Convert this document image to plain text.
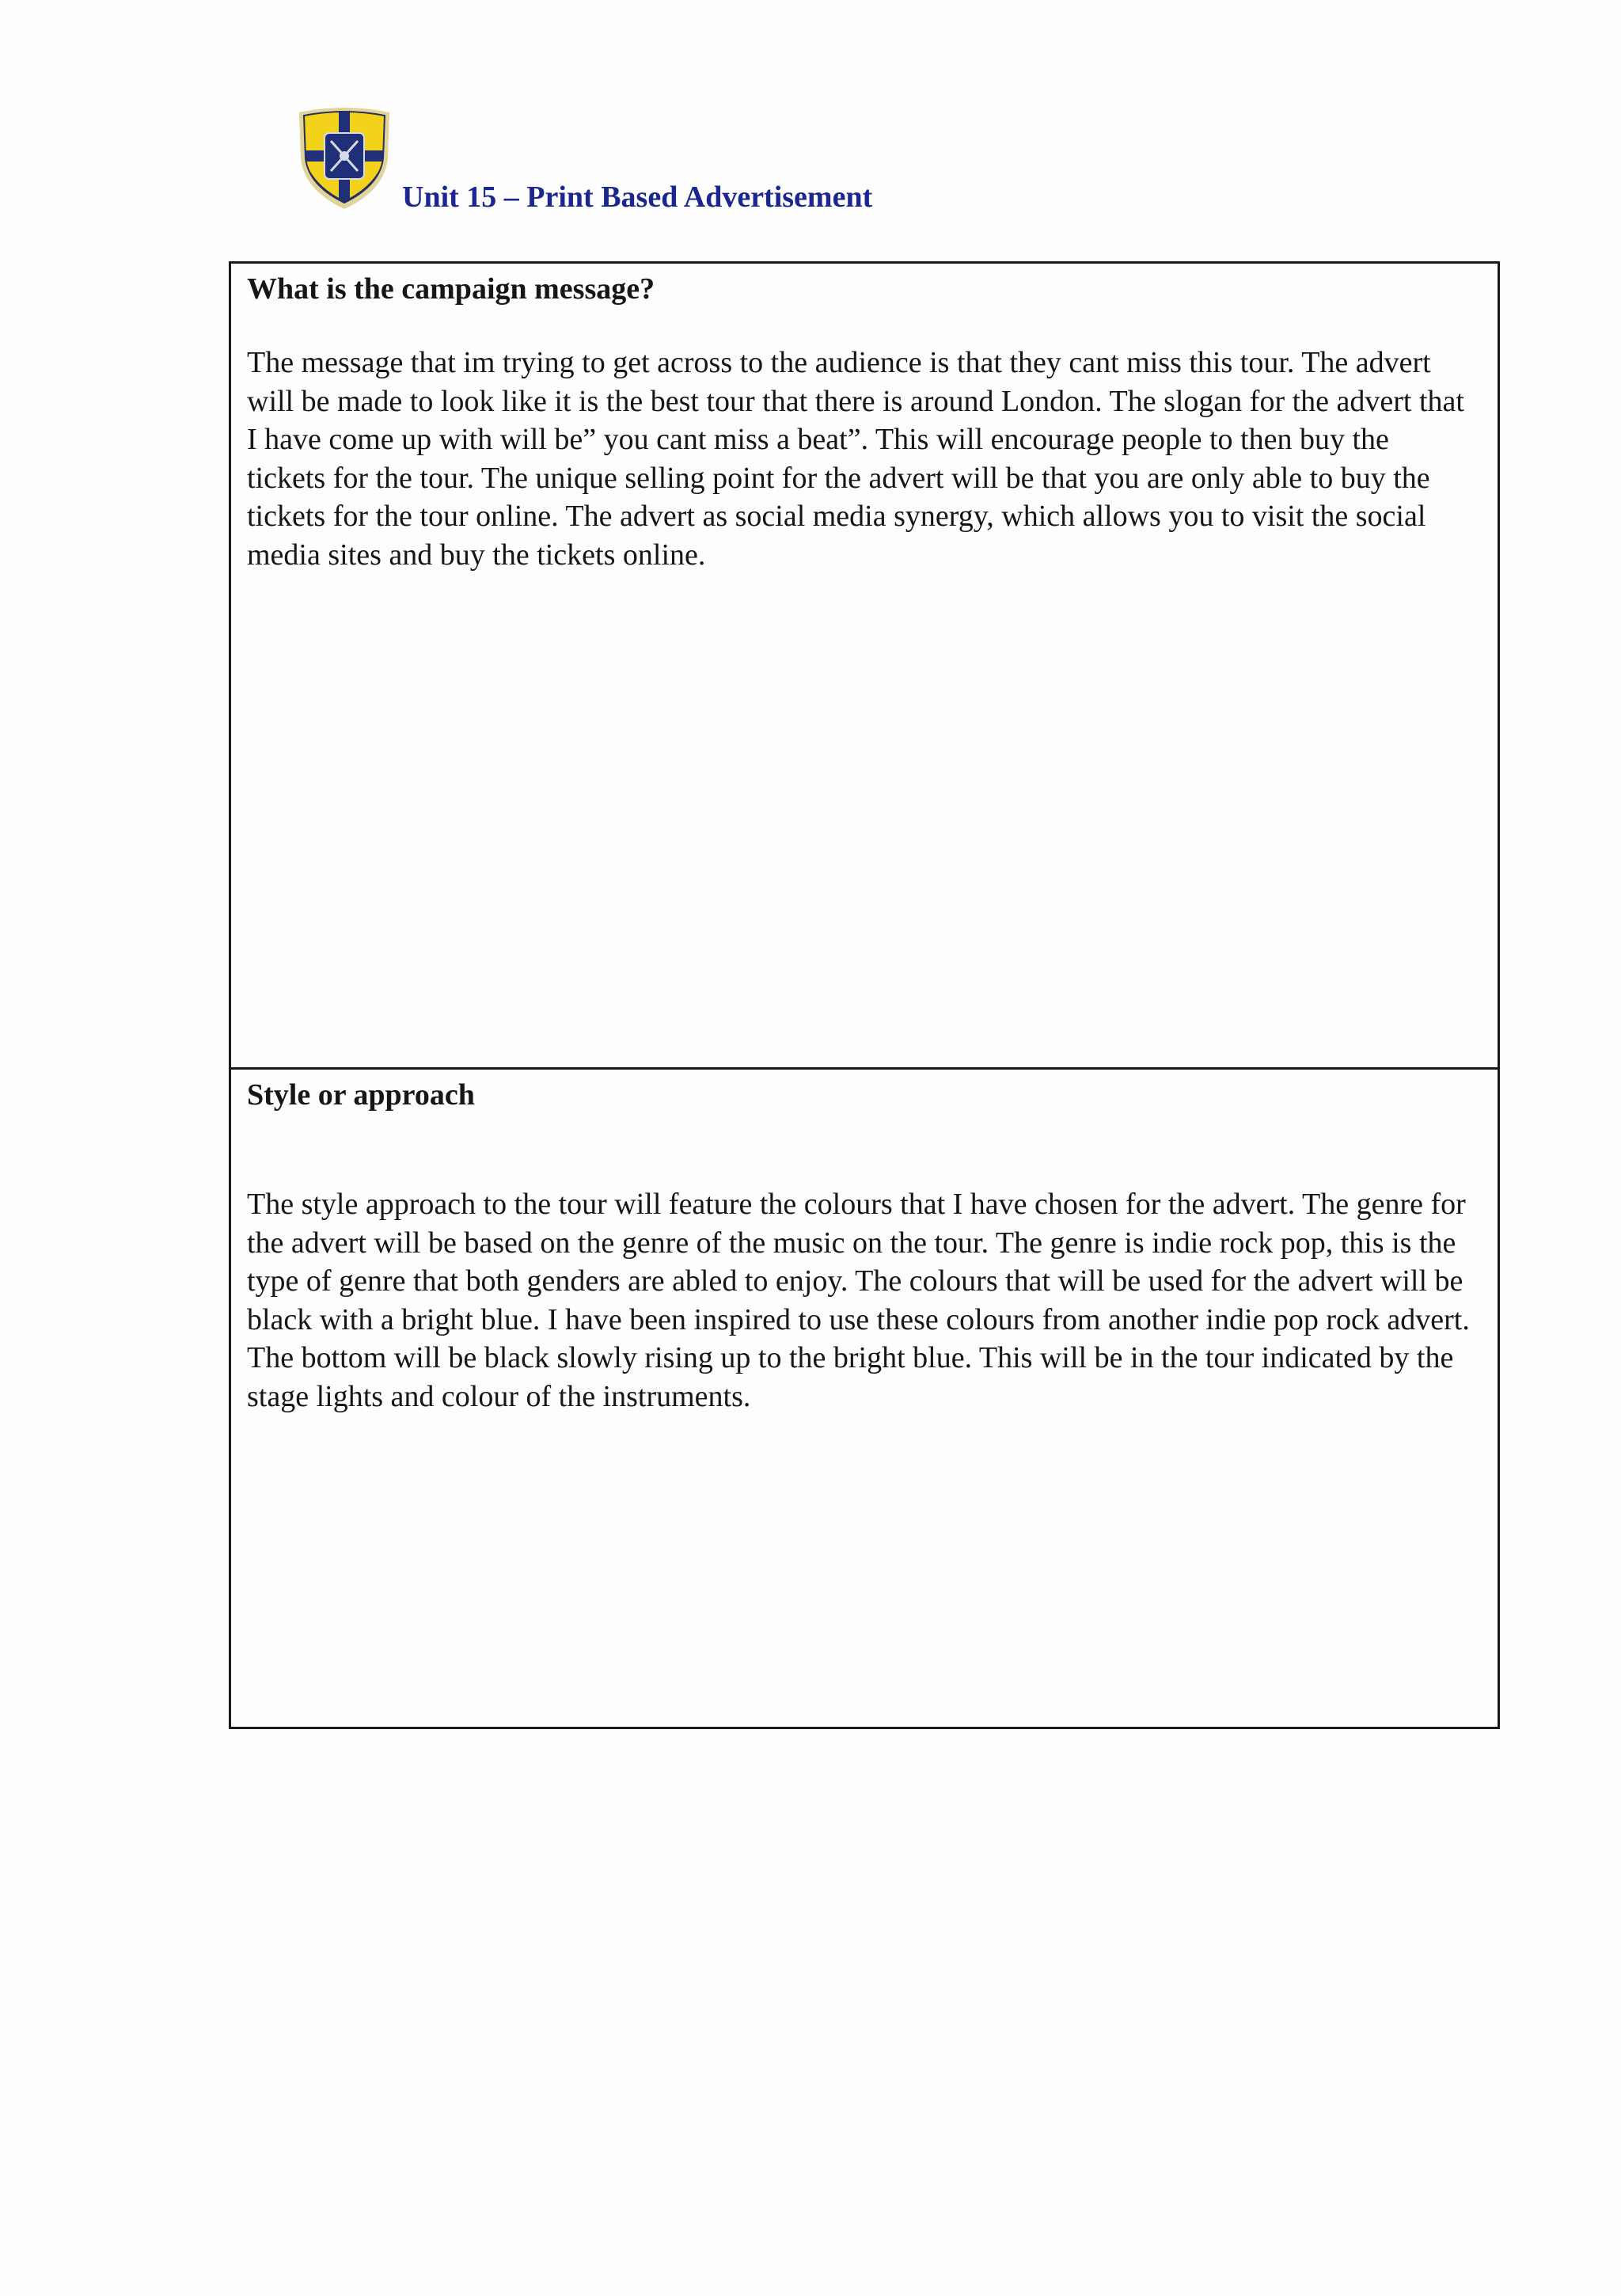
Unit 15 – Print Based Advertisement

What is the campaign message?

The message that im trying to get across to the audience is that they cant miss this tour. The advert will be made to look like it is the best tour that there is around London. The slogan for the advert that I have come up with will be” you cant miss a beat”. This will encourage people to then buy the tickets for the tour. The unique selling point for the advert will be that you are only able to buy the tickets for the tour online. The advert as social media synergy, which allows you to visit the social media sites and buy the tickets online.

Style or approach

The style approach to the tour will feature the colours that I have chosen for the advert. The genre for the advert will be based on the genre of the music on the tour. The genre is indie rock pop, this is the type of genre that both genders are abled to enjoy. The colours that will be used for the advert will be black with a bright blue. I have been inspired to use these colours from another indie pop rock advert. The bottom will be black slowly rising up to the bright blue. This will be in the tour indicated by the stage lights and colour of the instruments.
